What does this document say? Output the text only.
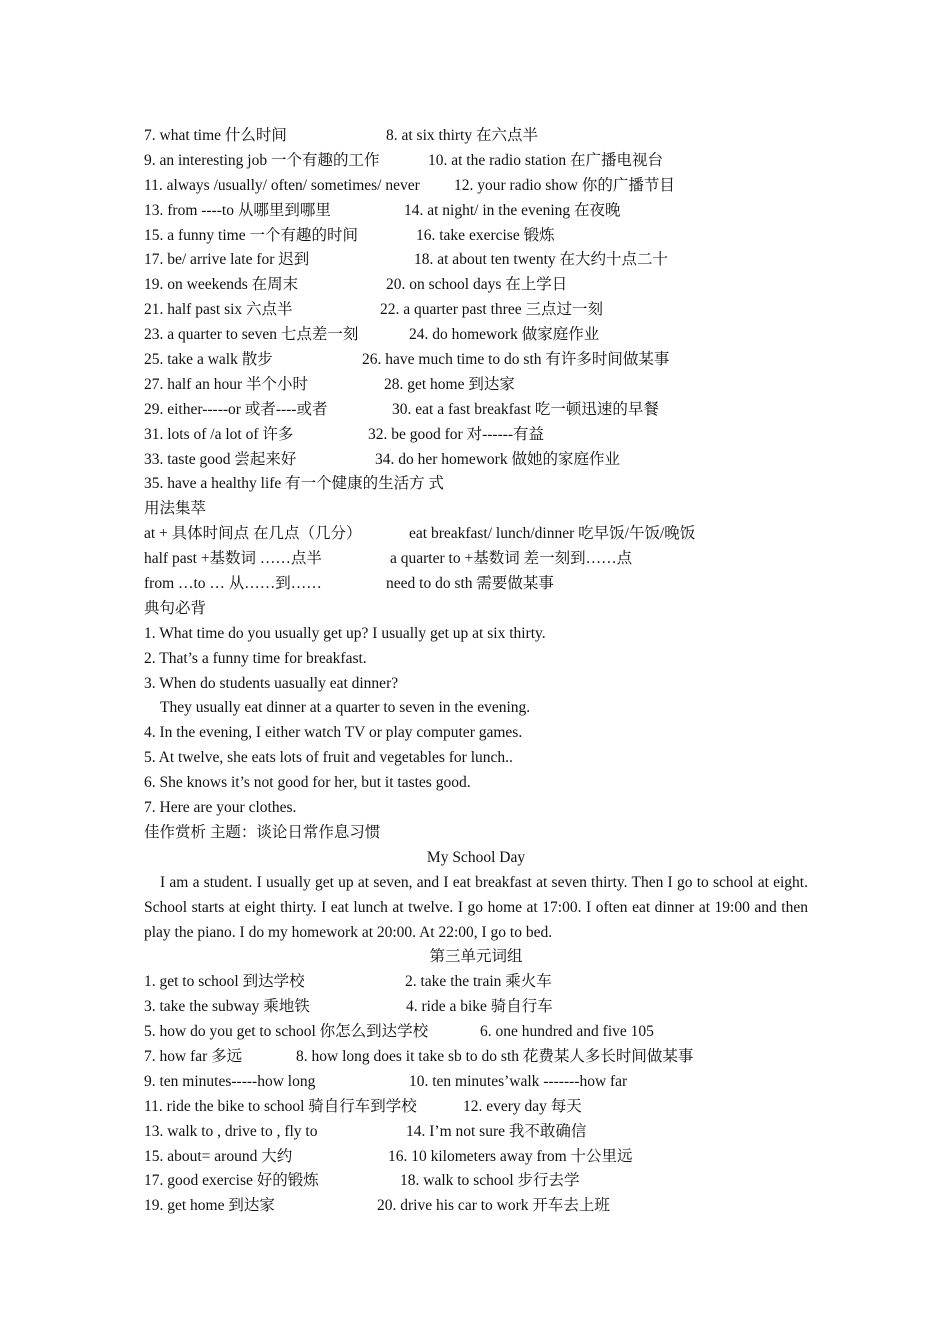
7. what time 什么时间	8. at six thirty 在六点半
9. an interesting job 一个有趣的工作	10. at the radio station 在广播电视台
11. always /usually/ often/ sometimes/ never 12. your radio show 你的广播节目
13. from ----to 从哪里到哪里	14. at night/ in the evening 在夜晚
15. a funny time 一个有趣的时间	16. take exercise 锻炼
17. be/ arrive late for 迟到	18. at about ten twenty 在大约十点二十
19. on weekends 在周末	20. on school days 在上学日
21. half past six 六点半	22. a quarter past three 三点过一刻
23. a quarter to seven 七点差一刻	24. do homework 做家庭作业
25. take a walk 散步	26. have much time to do sth 有许多时间做某事
27. half an hour 半个小时	28. get home 到达家
29. either-----or 或者----或者	30. eat a fast breakfast 吃一顿迅速的早餐
31. lots of /a lot of 许多	32. be good for 对------有益
33. taste good 尝起来好	34. do her homework 做她的家庭作业
35. have a healthy life 有一个健康的生活方 式
用法集萃
at + 具体时间点 在几点（几分）	eat breakfast/ lunch/dinner 吃早饭/午饭/晚饭
half past +基数词 ……点半	a quarter to +基数词 差一刻到……点
from …to … 从……到……	need to do sth 需要做某事
典句必背
1. What time do you usually get up? I usually get up at six thirty.
2. That’s a funny time for breakfast.
3. When do students uasually eat dinner?
They usually eat dinner at a quarter to seven in the evening.
4. In the evening, I either watch TV or play computer games.
5. At twelve, she eats lots of fruit and vegetables for lunch..
6. She knows it’s not good for her, but it tastes good.
7. Here are your clothes.
佳作赏析 主题：谈论日常作息习惯
My School Day
I am a student. I usually get up at seven, and I eat breakfast at seven thirty. Then I go to school at eight. School starts at eight thirty. I eat lunch at twelve. I go home at 17:00. I often eat dinner at 19:00 and then play the piano. I do my homework at 20:00. At 22:00, I go to bed.
第三单元词组
1. get to school 到达学校	2. take the train 乘火车
3. take the subway 乘地铁	4. ride a bike 骑自行车
5. how do you get to school 你怎么到达学校	6. one hundred and five 105
7. how far 多远	8. how long does it take sb to do sth 花费某人多长时间做某事
9. ten minutes-----how long	10. ten minutes’walk -------how far
11. ride the bike to school 骑自行车到学校	12. every day 每天
13. walk to , drive to , fly to	14. I’m not sure 我不敢确信
15. about= around 大约	16. 10 kilometers away from 十公里远
17. good exercise 好的锻炼	18. walk to school 步行去学
19. get home 到达家	20. drive his car to work 开车去上班
